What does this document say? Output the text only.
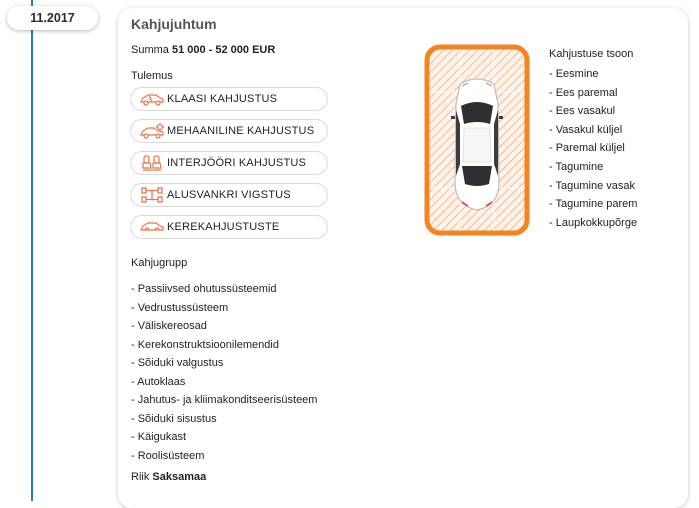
11.2017	Kahjujuhtum
Summa 51 000 - 52 000 EUR
Tulemus
KLAASI KAHJUSTUS
MEHAANILINE KAHJUSTUS
INTERJÖÖRI KAHJUSTUS
ALUSVANKRI VIGSTUS
KEREKAHJUSTUSTE
Kahjugrupp
- Passiivsed ohutussüsteemid
- Vedrustussüsteem
- Väliskereosad
- Kerekonstruktsioonilemendid
- Sõiduki valgustus
- Autoklaas
- Jahutus- ja kliimakonditseerisüsteem
- Sõiduki sisustus
- Käigukast
- Roolisüsteem
Riik Saksamaa
Kahjustuse tsoon
- Eesmine
- Ees paremal
- Ees vasakul
- Vasakul küljel
- Paremal küljel
- Tagumine
- Tagumine vasak
- Tagumine parem
- Laupkokkupõrge
